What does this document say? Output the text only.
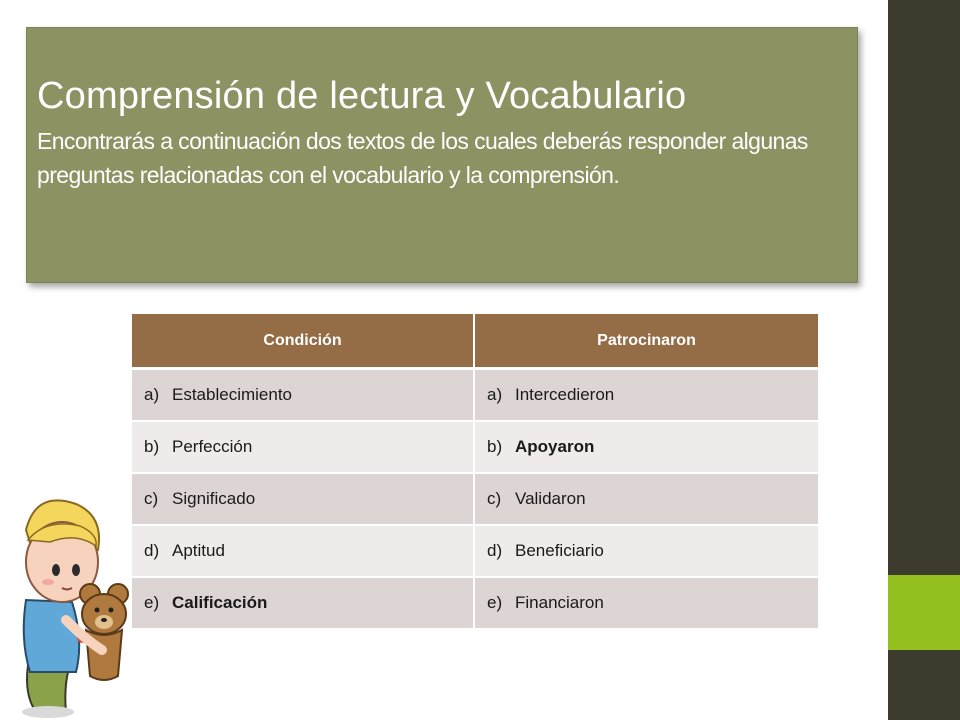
Comprensión de lectura y Vocabulario

Encontrarás a continuación dos textos de los cuales deberás responder algunas preguntas relacionadas con el vocabulario y la comprensión.

Condición	Patrocinaron
a) Establecimiento	a) Intercedieron
b) Perfección	b) Apoyaron
c) Significado	c) Validaron
d) Aptitud	d) Beneficiario
e) Calificación	e) Financiaron
